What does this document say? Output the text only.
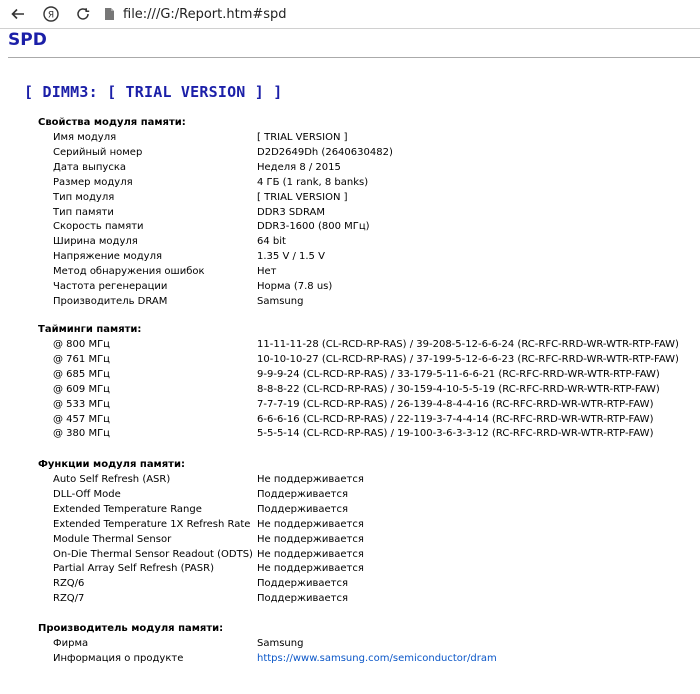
Я	file:///G:/Report.htm#spd
SPD
[ DIMM3: [ TRIAL VERSION ] ]
Свойства модуля памяти:
Имя модуля	[ TRIAL VERSION ]
Серийный номер	D2D2649Dh (2640630482)
Дата выпуска	Неделя 8 / 2015
Размер модуля	4 ГБ (1 rank, 8 banks)
Тип модуля	[ TRIAL VERSION ]
Тип памяти	DDR3 SDRAM
Скорость памяти	DDR3-1600 (800 МГц)
Ширина модуля	64 bit
Напряжение модуля	1.35 V / 1.5 V
Метод обнаружения ошибок	Нет
Частота регенерации	Норма (7.8 us)
Производитель DRAM	Samsung
Тайминги памяти:
@ 800 МГц	11-11-11-28 (CL-RCD-RP-RAS) / 39-208-5-12-6-6-24 (RC-RFC-RRD-WR-WTR-RTP-FAW)
@ 761 МГц	10-10-10-27 (CL-RCD-RP-RAS) / 37-199-5-12-6-6-23 (RC-RFC-RRD-WR-WTR-RTP-FAW)
@ 685 МГц	9-9-9-24 (CL-RCD-RP-RAS) / 33-179-5-11-6-6-21 (RC-RFC-RRD-WR-WTR-RTP-FAW)
@ 609 МГц	8-8-8-22 (CL-RCD-RP-RAS) / 30-159-4-10-5-5-19 (RC-RFC-RRD-WR-WTR-RTP-FAW)
@ 533 МГц	7-7-7-19 (CL-RCD-RP-RAS) / 26-139-4-8-4-4-16 (RC-RFC-RRD-WR-WTR-RTP-FAW)
@ 457 МГц	6-6-6-16 (CL-RCD-RP-RAS) / 22-119-3-7-4-4-14 (RC-RFC-RRD-WR-WTR-RTP-FAW)
@ 380 МГц	5-5-5-14 (CL-RCD-RP-RAS) / 19-100-3-6-3-3-12 (RC-RFC-RRD-WR-WTR-RTP-FAW)
Функции модуля памяти:
Auto Self Refresh (ASR)	Не поддерживается
DLL-Off Mode	Поддерживается
Extended Temperature Range	Поддерживается
Extended Temperature 1X Refresh Rate Не поддерживается
Module Thermal Sensor	Не поддерживается
On-Die Thermal Sensor Readout (ODTS) Не поддерживается
Partial Array Self Refresh (PASR)	Не поддерживается
RZQ/6	Поддерживается
RZQ/7	Поддерживается
Производитель модуля памяти:
Фирма	Samsung
Информация о продукте	https://www.samsung.com/semiconductor/dram
